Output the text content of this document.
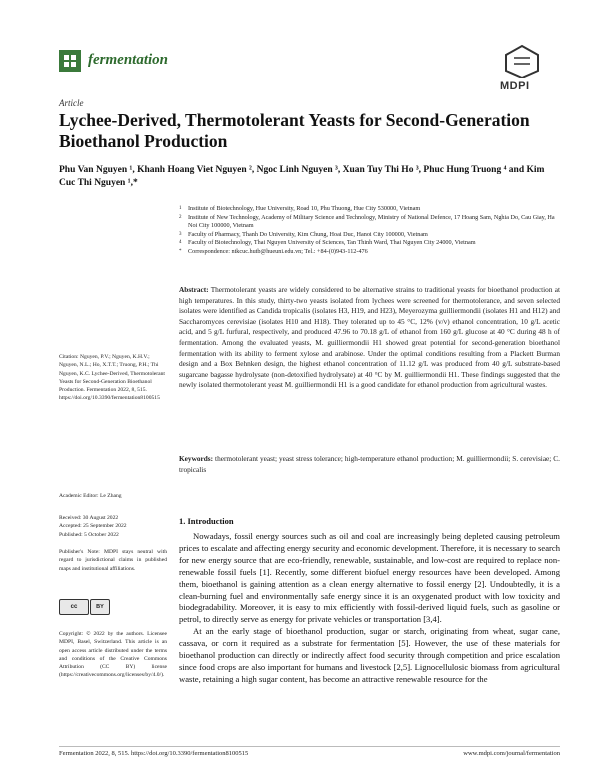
fermentation
MDPI
Article
Lychee-Derived, Thermotolerant Yeasts for Second-Generation Bioethanol Production
Phu Van Nguyen ¹, Khanh Hoang Viet Nguyen ², Ngoc Linh Nguyen ³, Xuan Tuy Thi Ho ³, Phuc Hung Truong ⁴ and Kim Cuc Thi Nguyen ¹,*
1 Institute of Biotechnology, Hue University, Road 10, Phu Thuong, Hue City 530000, Vietnam
2 Institute of New Technology, Academy of Military Science and Technology, Ministry of National Defence, 17 Hoang Sam, Nghia Do, Cau Giay, Ha Noi City 100000, Vietnam
3 Faculty of Pharmacy, Thanh Do University, Kim Chung, Hoai Duc, Hanoi City 100000, Vietnam
4 Faculty of Biotechnology, Thai Nguyen University of Sciences, Tan Thinh Ward, Thai Nguyen City 24000, Vietnam
* Correspondence: ntkcuc.hutb@hueuni.edu.vn; Tel.: +84-(0)943-112-476
Abstract: Thermotolerant yeasts are widely considered to be alternative strains to traditional yeasts for bioethanol production at high temperatures. In this study, thirty-two yeasts isolated from lychees were screened for thermotolerance, and seven selected isolates were identified as Candida tropicalis (isolates H3, H19, and H23), Meyerozyma guilliermondii (isolates H1 and H12) and Saccharomyces cerevisiae (isolates H10 and H18). They tolerated up to 45 °C, 12% (v/v) ethanol concentration, 10 g/L acetic acid, and 5 g/L furfural, respectively, and produced 47.96 to 70.18 g/L of ethanol from 160 g/L glucose at 40 °C during 48 h of fermentation. Among the evaluated yeasts, M. guilliermondii H1 showed great potential for second-generation bioethanol fermentation with its ability to ferment xylose and arabinose. Under the optimal conditions resulting from a Plackett Burman design and a Box Behnken design, the highest ethanol concentration of 11.12 g/L was produced from 40 g/L substrate-based sugarcane bagasse hydrolysate (non-detoxified hydrolysate) at 40 °C by M. guilliermondii H1. These findings suggested that the newly isolated thermotolerant yeast M. guilliermondii H1 is a good candidate for ethanol production from agricultural wastes.
Keywords: thermotolerant yeast; yeast stress tolerance; high-temperature ethanol production; M. guilliermondii; S. cerevisiae; C. tropicalis
Citation: Nguyen, P.V.; Nguyen, K.H.V.; Nguyen, N.L.; Ho, X.T.T.; Truong, P.H.; Thi Nguyen, K.C. Lychee-Derived, Thermotolerant Yeasts for Second-Generation Bioethanol Production. Fermentation 2022, 8, 515. https://doi.org/10.3390/fermentation8100515
Academic Editor: Le Zhang
Received: 30 August 2022
Accepted: 25 September 2022
Published: 5 October 2022
Publisher's Note: MDPI stays neutral with regard to jurisdictional claims in published maps and institutional affiliations.
cc	BY
Copyright: © 2022 by the authors. Licensee MDPI, Basel, Switzerland. This article is an open access article distributed under the terms and conditions of the Creative Commons Attribution (CC BY) license (https://creativecommons.org/licenses/by/4.0/).
1. Introduction

Nowadays, fossil energy sources such as oil and coal are increasingly being depleted causing petroleum prices to escalate and affecting energy security and economic development. Therefore, it is necessary to search for new energy source that are eco-friendly, renewable, sustainable, and low-cost are required to replace non-renewable fossil fuels [1]. Recently, some different biofuel energy resources have been developed. Among them, bioethanol is gaining attention as a clean energy alternative to fossil energy [2]. Undoubtedly, it is a clean-burning fuel and environmentally safe energy since it is an oxygenated product with low toxicity and biodegradability. Moreover, it is easy to mix efficiently with fossil-derived liquid fuels, such as gasoline or petrol, to directly serve as energy for private vehicles or transportation [3,4].

At an the early stage of bioethanol production, sugar or starch, originating from wheat, sugar cane, cassava, or corn it required as a substrate for fermentation [5]. However, the use of these materials for bioethanol production can directly or indirectly affect food security through competition and price escalation since food crops are also important for humans and livestock [2,5]. Lignocellulosic biomass from agricultural waste, retaining a high sugar content, has become an attractive renewable resource for the

Fermentation 2022, 8, 515. https://doi.org/10.3390/fermentation8100515	www.mdpi.com/journal/fermentation
